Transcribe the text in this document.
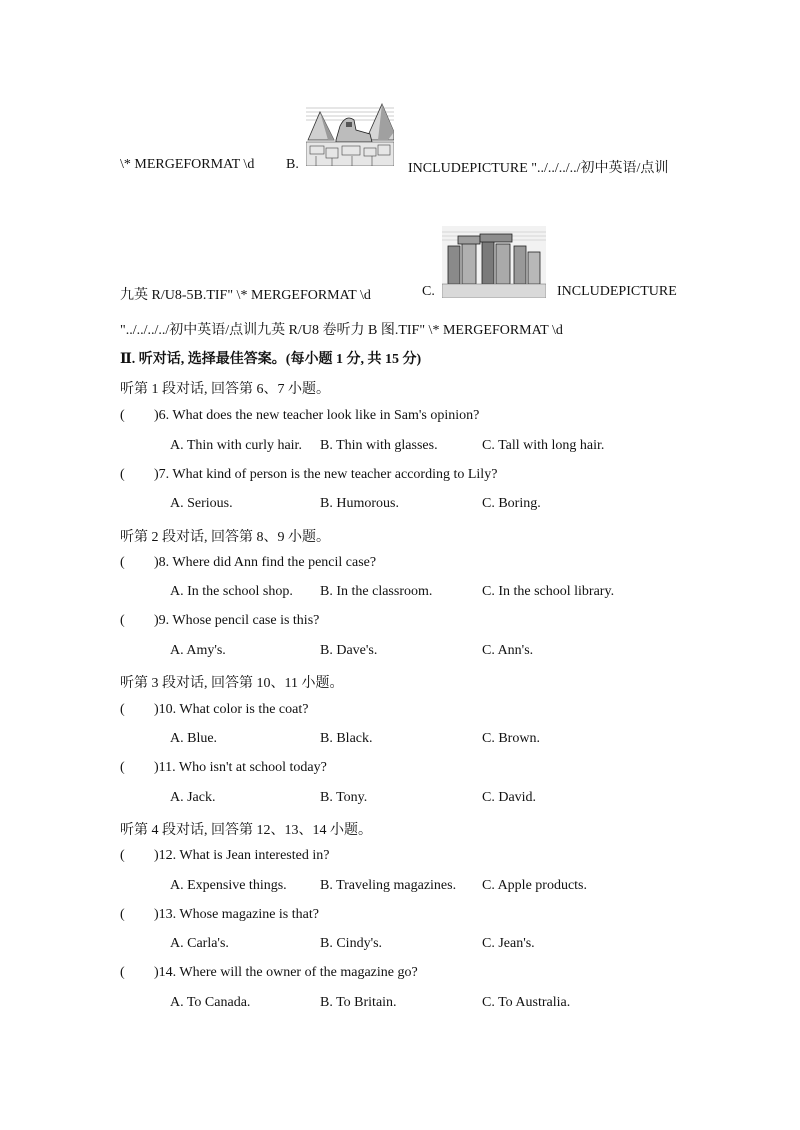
\* MERGEFORMAT \d B.	INCLUDEPICTURE "../../../../初中英语/点训
九英 R/U8-5B.TIF" \* MERGEFORMAT \d	C.	INCLUDEPICTURE
"../../../../初中英语/点训九英 R/U8 卷听力 B 图.TIF" \* MERGEFORMAT \d
Ⅱ. 听对话, 选择最佳答案。(每小题 1 分, 共 15 分)
听第 1 段对话, 回答第 6、7 小题。
( )6. What does the new teacher look like in Sam's opinion?
A. Thin with curly hair. B. Thin with glasses.	C. Tall with long hair.
( )7. What kind of person is the new teacher according to Lily?
A. Serious.	B. Humorous.	C. Boring.
听第 2 段对话, 回答第 8、9 小题。
( )8. Where did Ann find the pencil case?
A. In the school shop. B. In the classroom.	C. In the school library.
( )9. Whose pencil case is this?
A. Amy's.	B. Dave's.	C. Ann's.
听第 3 段对话, 回答第 10、11 小题。
( )10. What color is the coat?
A. Blue.	B. Black.	C. Brown.
( )11. Who isn't at school today?
A. Jack.	B. Tony.	C. David.
听第 4 段对话, 回答第 12、13、14 小题。
( )12. What is Jean interested in?
A. Expensive things. B. Traveling magazines. C. Apple products.
( )13. Whose magazine is that?
A. Carla's.	B. Cindy's.	C. Jean's.
( )14. Where will the owner of the magazine go?
A. To Canada.	B. To Britain.	C. To Australia.
